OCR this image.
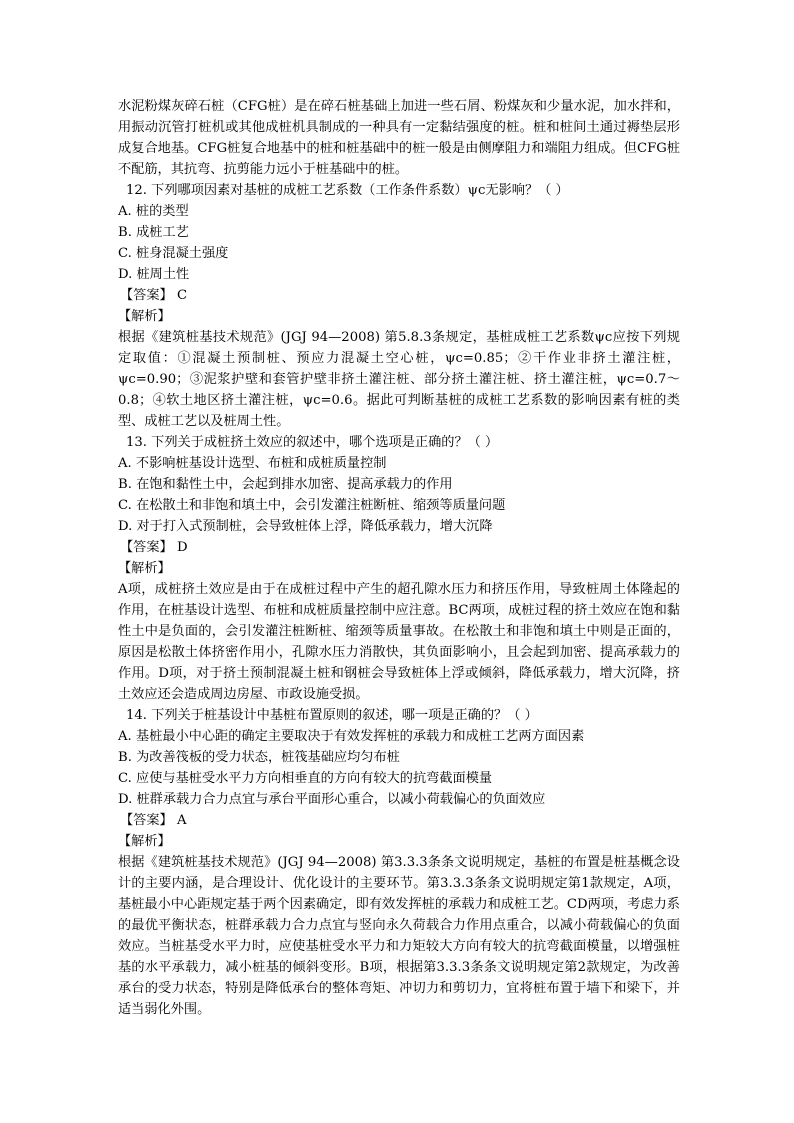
水泥粉煤灰碎石桩（CFG桩）是在碎石桩基础上加进一些石屑、粉煤灰和少量水泥，加水拌和，用振动沉管打桩机或其他成桩机具制成的一种具有一定黏结强度的桩。桩和桩间土通过褥垫层形成复合地基。CFG桩复合地基中的桩和桩基础中的桩一般是由侧摩阻力和端阻力组成。但CFG桩不配筋，其抗弯、抗剪能力远小于桩基础中的桩。

12. 下列哪项因素对基桩的成桩工艺系数（工作条件系数）ψc无影响？（ ）

A. 桩的类型

B. 成桩工艺

C. 桩身混凝土强度

D. 桩周土性

【答案】 C

【解析】

根据《建筑桩基技术规范》(JGJ 94—2008) 第5.8.3条规定，基桩成桩工艺系数ψc应按下列规定取值：①混凝土预制桩、预应力混凝土空心桩，ψc=0.85；②干作业非挤土灌注桩，ψc=0.90；③泥浆护壁和套管护壁非挤土灌注桩、部分挤土灌注桩、挤土灌注桩，ψc=0.7～0.8；④软土地区挤土灌注桩，ψc=0.6。据此可判断基桩的成桩工艺系数的影响因素有桩的类型、成桩工艺以及桩周土性。

13. 下列关于成桩挤土效应的叙述中，哪个选项是正确的？（ ）

A. 不影响桩基设计选型、布桩和成桩质量控制

B. 在饱和黏性土中，会起到排水加密、提高承载力的作用

C. 在松散土和非饱和填土中，会引发灌注桩断桩、缩颈等质量问题

D. 对于打入式预制桩，会导致桩体上浮，降低承载力，增大沉降

【答案】 D

【解析】

A项，成桩挤土效应是由于在成桩过程中产生的超孔隙水压力和挤压作用，导致桩周土体隆起的作用，在桩基设计选型、布桩和成桩质量控制中应注意。BC两项，成桩过程的挤土效应在饱和黏性土中是负面的，会引发灌注桩断桩、缩颈等质量事故。在松散土和非饱和填土中则是正面的，原因是松散土体挤密作用小，孔隙水压力消散快，其负面影响小，且会起到加密、提高承载力的作用。D项，对于挤土预制混凝土桩和钢桩会导致桩体上浮或倾斜，降低承载力，增大沉降，挤土效应还会造成周边房屋、市政设施受损。

14. 下列关于桩基设计中基桩布置原则的叙述，哪一项是正确的？（ ）

A. 基桩最小中心距的确定主要取决于有效发挥桩的承载力和成桩工艺两方面因素

B. 为改善筏板的受力状态，桩筏基础应均匀布桩

C. 应使与基桩受水平力方向相垂直的方向有较大的抗弯截面模量

D. 桩群承载力合力点宜与承台平面形心重合，以减小荷载偏心的负面效应

【答案】 A

【解析】

根据《建筑桩基技术规范》(JGJ 94—2008) 第3.3.3条条文说明规定，基桩的布置是桩基概念设计的主要内涵，是合理设计、优化设计的主要环节。第3.3.3条条文说明规定第1款规定，A项，基桩最小中心距规定基于两个因素确定，即有效发挥桩的承载力和成桩工艺。CD两项，考虑力系的最优平衡状态，桩群承载力合力点宜与竖向永久荷载合力作用点重合，以减小荷载偏心的负面效应。当桩基受水平力时，应使基桩受水平力和力矩较大方向有较大的抗弯截面模量，以增强桩基的水平承载力，减小桩基的倾斜变形。B项，根据第3.3.3条条文说明规定第2款规定，为改善承台的受力状态，特别是降低承台的整体弯矩、冲切力和剪切力，宜将桩布置于墙下和梁下，并适当弱化外围。
